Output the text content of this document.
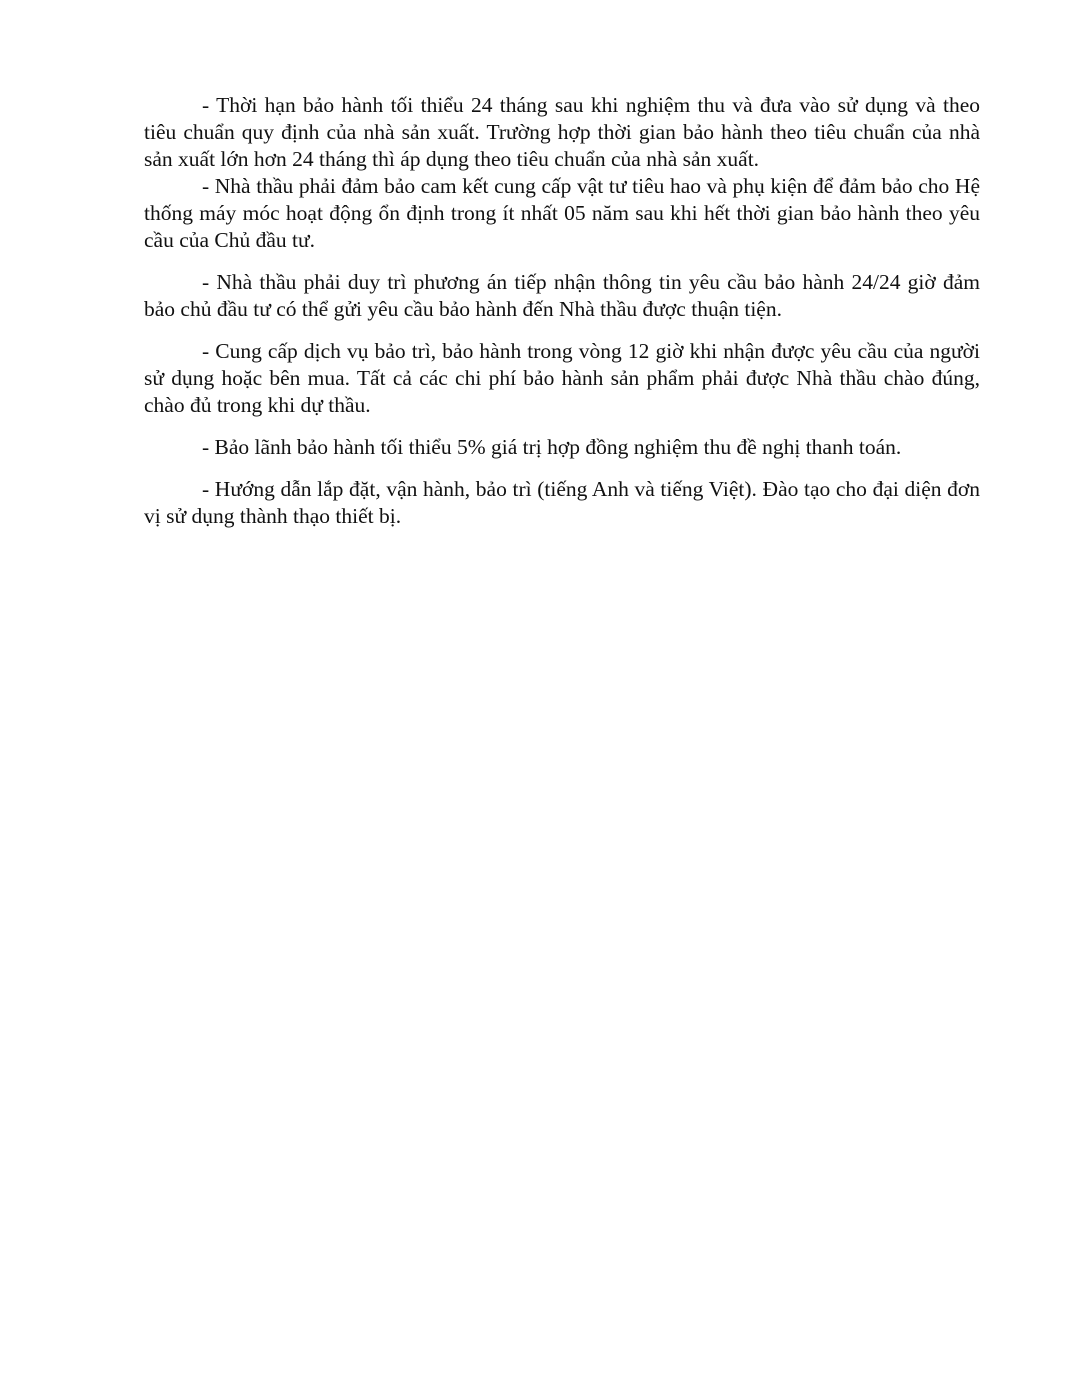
- Thời hạn bảo hành tối thiểu 24 tháng sau khi nghiệm thu và đưa vào sử dụng và theo tiêu chuẩn quy định của nhà sản xuất. Trường hợp thời gian bảo hành theo tiêu chuẩn của nhà sản xuất lớn hơn 24 tháng thì áp dụng theo tiêu chuẩn của nhà sản xuất.

- Nhà thầu phải đảm bảo cam kết cung cấp vật tư tiêu hao và phụ kiện để đảm bảo cho Hệ thống máy móc hoạt động ổn định trong ít nhất 05 năm sau khi hết thời gian bảo hành theo yêu cầu của Chủ đầu tư.

- Nhà thầu phải duy trì phương án tiếp nhận thông tin yêu cầu bảo hành 24/24 giờ đảm bảo chủ đầu tư có thể gửi yêu cầu bảo hành đến Nhà thầu được thuận tiện.

- Cung cấp dịch vụ bảo trì, bảo hành trong vòng 12 giờ khi nhận được yêu cầu của người sử dụng hoặc bên mua. Tất cả các chi phí bảo hành sản phẩm phải được Nhà thầu chào đúng, chào đủ trong khi dự thầu.

- Bảo lãnh bảo hành tối thiểu 5% giá trị hợp đồng nghiệm thu đề nghị thanh toán.

- Hướng dẫn lắp đặt, vận hành, bảo trì (tiếng Anh và tiếng Việt). Đào tạo cho đại diện đơn vị sử dụng thành thạo thiết bị.
